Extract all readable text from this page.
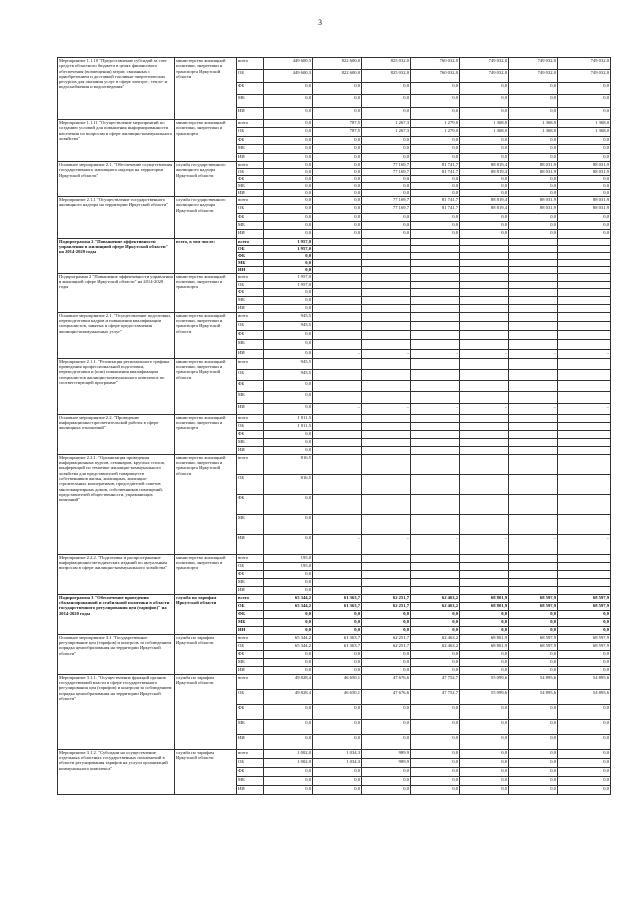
3
Мероприятие 1.1.10 "Предоставление субсидий за счет средств областного бюджета в целях финансового обеспечения (возмещения) затрат, связанных с приобретением и доставкой топливно-энергетических ресурсов для оказания услуг в сфере электро-, тепло- и водоснабжения и водоотведения"	министерство жилищной политики, энергетики и транспорта Иркутской области	всего	449 600,3	822 600,0	825 032,0	760 032,0	749 032,0	749 032,0	749 032,0
		ОБ	449 600,3	822 600,0	825 032,0	760 032,0	749 032,0	749 032,0	749 032,0
		ФБ	0,0	0,0	0,0	0,0	0,0	0,0	0,0
		МБ	0,0	0,0	0,0	0,0	0,0	0,0	0,0
		ИИ	0,0	0,0	0,0	0,0	0,0	0,0	0,0
Мероприятие 1.1.11 "Осуществление мероприятий по созданию условий для повышения информированности населения по вопросам в сфере жилищно-коммунального хозяйства"	министерство жилищной политики, энергетики и транспорта	всего	0,0	787,5	1 267,3	1 279,0	1 368,0	1 368,0	1 368,0
		ОБ	0,0	787,5	1 267,3	1 279,0	1 368,0	1 368,0	1 368,0
		ФБ	0,0	0,0	0,0	0,0	0,0	0,0	0,0
		МБ	0,0	0,0	0,0	0,0	0,0	0,0	0,0
		ИИ	0,0	0,0	0,0	0,0	0,0	0,0	0,0
Основное мероприятие 2.1. "Обеспечение осуществления государственного жилищного надзора на территории Иркутской области"	служба государственного жилищного надзора Иркутской области	всего	0,0	0,0	77 169,7	81 741,7	88 819,4	88 031,9	88 031,9
		ОБ	0,0	0,0	77 169,7	81 741,7	88 819,4	88 031,9	88 031,9
		ФБ	0,0	0,0	0,0	0,0	0,0	0,0	0,0
		МБ	0,0	0,0	0,0	0,0	0,0	0,0	0,0
		ИИ	0,0	0,0	0,0	0,0	0,0	0,0	0,0
Мероприятие 2.1.1 "Осуществление государственного жилищного надзора на территории Иркутской области"	служба государственного жилищного надзора Иркутской области	всего	0,0	0,0	77 169,7	81 741,7	88 819,4	88 031,9	88 031,9
		ОБ	0,0	0,0	77 169,7	81 741,7	88 819,4	88 031,9	88 031,9
		ФБ	0,0	0,0	0,0	0,0	0,0	0,0	0,0
		МБ	0,0	0,0	0,0	0,0	0,0	0,0	0,0
		ИИ	0,0	0,0	0,0	0,0	0,0	0,0	0,0
Подпрограмма 2 "Повышение эффективности управления в жилищной сфере Иркутской области" на 2014-2020 годы	всего, в том числе:	всего	1 957,0						
		ОБ	1 957,0						
		ФБ	0,0						
		МБ	0,0						
		ИИ	0,0						
Подпрограмма 2 "Повышение эффективности управления в жилищной сфере Иркутской области" на 2014-2020 годы	министерство жилищной политики, энергетики и транспорта	всего	1 957,0						
		ОБ	1 957,0						
		ФБ	0,0						
		МБ	0,0						
		ИИ	0,0						
Основное мероприятие 2.1. "Осуществление подготовки, переподготовки кадров и повышения квалификации специалистов, занятых в сфере предоставления жилищно-коммунальных услуг"	министерство жилищной политики, энергетики и транспорта Иркутской области	всего	945,5						
		ОБ	945,5						
		ФБ	0,0						
		МБ	0,0						
		ИИ	0,0	–	–	–	–	–	–
Мероприятие 2.1.1. "Реализация регионального графика проведения профессиональной подготовки, переподготовки и (или) повышения квалификации специалистов жилищно-коммунального комплекса по соответствующей программе"	министерство жилищной политики, энергетики и транспорта Иркутской области	всего	945,5						
		ОБ	945,5						
		ФБ	0,0						
		МБ	0,0						
		ИИ	0,0	–	–	–	–	–	–
Основное мероприятие 2.2. "Проведение информационно-просветительской работы в сфере жилищных отношений"	министерство жилищной политики, энергетики и транспорта	всего	1 011,5						
		ОБ	1 011,5						
		ФБ	0,0						
		МБ	0,0						
		ИИ	0,0						
Мероприятие 2.2.1. "Организация проведения информационных курсов, семинаров, круглых столов, конференций по тематике жилищно-коммунального хозяйства для представителей товариществ собственников жилья, жилищных, жилищно-строительных кооперативов, председателей советов многоквартирных домов, собственников помещений, представителей общественности, управляющих компаний"	министерство жилищной политики, энергетики и транспорта Иркутской области	всего	816,5						
		ОБ	816,5						
		ФБ	0,0						
		МБ	0,0						
		ИИ	0,0	–	–	–	–	–	–
Мероприятие 2.2.2. "Подготовка и распространение информационно-методических изданий по актуальным вопросам в сфере жилищно-коммунального хозяйства"	министерство жилищной политики, энергетики и транспорта	всего	195,0						
		ОБ	195,0						
		ФБ	0,0						
		МБ	0,0						
		ИИ	0,0						
Подпрограмма 3 "Обеспечение проведения сбалансированной и стабильной политики в области государственного регулирования цен (тарифов)" на 2014-2020 годы	служба по тарифам Иркутской области	всего	65 344,2	61 363,7	62 251,7	62 463,2	68 801,9	68 597,9	68 597,9
		ОБ	65 344,2	61 363,7	62 251,7	62 463,2	68 801,9	68 597,9	68 597,9
		ФБ	0,0	0,0	0,0	0,0	0,0	0,0	0,0
		МБ	0,0	0,0	0,0	0,0	0,0	0,0	0,0
		ИИ	0,0	0,0	0,0	0,0	0,0	0,0	0,0
Основное мероприятие 3.1 "Государственное регулирование цен (тарифов) и контроль за соблюдением порядка ценообразования на территории Иркутской области"	служба по тарифам Иркутской области	всего	65 344,2	61 363,7	62 251,7	62 463,2	68 801,9	68 597,9	68 597,9
		ОБ	65 344,2	61 363,7	62 251,7	62 463,2	68 801,9	68 597,9	68 597,9
		ФБ	0,0	0,0	0,0	0,0	0,0	0,0	0,0
		МБ	0,0	0,0	0,0	0,0	0,0	0,0	0,0
		ИИ	0,0	0,0	0,0	0,0	0,0	0,0	0,0
Мероприятие 3.1.1. "Осуществление функций органов государственной власти в сфере государственного регулирования цен (тарифов) и контроля за соблюдением порядка ценообразования на территории Иркутской области"	служба по тарифам Иркутской области	всего	49 828,4	46 650,1	47 676,6	47 752,7	55 099,6	54 895,6	54 895,6
		ОБ	49 828,4	46 650,1	47 676,6	47 752,7	55 099,6	54 895,6	54 895,6
		ФБ	0,0	0,0	0,0	0,0	0,0	0,0	0,0
		МБ	0,0	0,0	0,0	0,0	0,0	0,0	0,0
		ИИ	0,0	0,0	0,0	0,0	0,0	0,0	0,0
Мероприятие 3.1.2. "Субсидии на осуществление отдельных областных государственных полномочий в области регулирования тарифов на услуги организаций коммунального комплекса"	служба по тарифам Иркутской области	всего	1 002,0	1 034,3	989,9	0,0	0,0	0,0	0,0
		ОБ	1 002,0	1 034,3	989,9	0,0	0,0	0,0	0,0
		ФБ	0,0	0,0	0,0	0,0	0,0	0,0	0,0
		МБ	0,0	0,0	0,0	0,0	0,0	0,0	0,0
		ИИ	0,0	0,0	0,0	0,0	0,0	0,0	0,0
